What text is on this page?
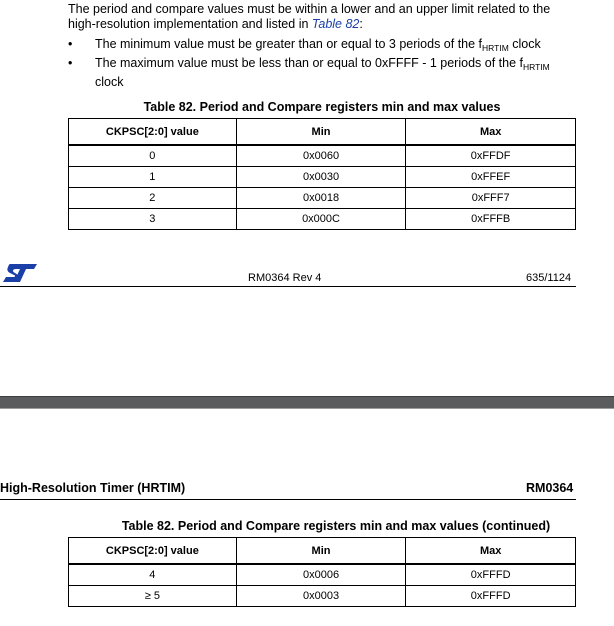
The period and compare values must be within a lower and an upper limit related to the high-resolution implementation and listed in Table 82:
• The minimum value must be greater than or equal to 3 periods of the $f_{HRTIM}$ clock
• The maximum value must be less than or equal to 0xFFFF - 1 periods of the $f_{HRTIM}$ clock
Table 82. Period and Compare registers min and max values
CKPSC[2:0] value	Min	Max
0	0x0060	0xFFDF
1	0x0030	0xFFEF
2	0x0018	0xFFF7
3	0x000C	0xFFFB
RM0364 Rev 4	635/1124
High-Resolution Timer (HRTIM)	RM0364
Table 82. Period and Compare registers min and max values (continued)
CKPSC[2:0] value	Min	Max
4	0x0006	0xFFFD
≥ 5	0x0003	0xFFFD
